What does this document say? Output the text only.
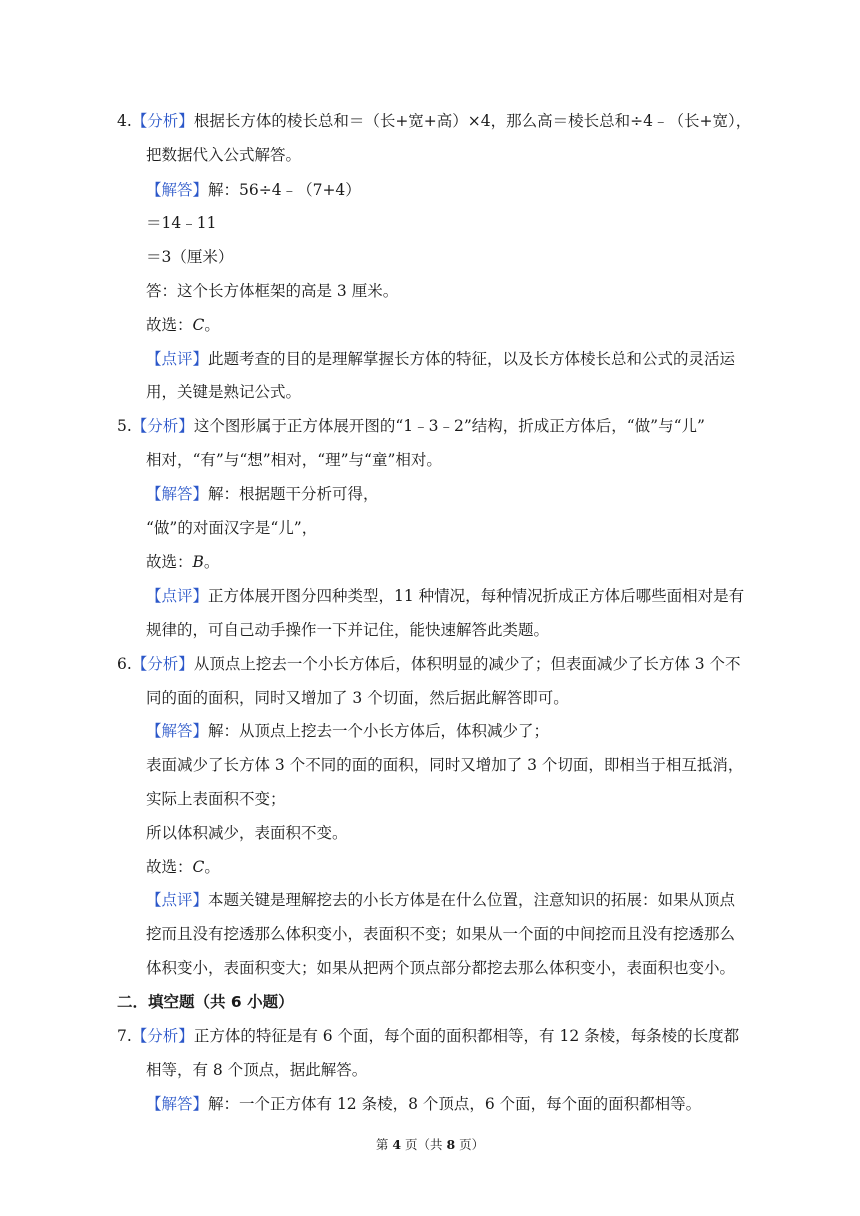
4.【分析】根据长方体的棱长总和＝（长+宽+高）×4，那么高＝棱长总和÷4﹣（长+宽），
把数据代入公式解答。
【解答】解：56÷4﹣（7+4）
＝14﹣11
＝3（厘米）
答：这个长方体框架的高是 3 厘米。
故选：C。
【点评】此题考查的目的是理解掌握长方体的特征，以及长方体棱长总和公式的灵活运
用，关键是熟记公式。
5.【分析】这个图形属于正方体展开图的“1﹣3﹣2”结构，折成正方体后，“做”与“儿”
相对，“有”与“想”相对，“理”与“童”相对。
【解答】解：根据题干分析可得，
“做”的对面汉字是“儿”，
故选：B。
【点评】正方体展开图分四种类型，11 种情况，每种情况折成正方体后哪些面相对是有
规律的，可自己动手操作一下并记住，能快速解答此类题。
6.【分析】从顶点上挖去一个小长方体后，体积明显的减少了；但表面减少了长方体 3 个不
同的面的面积，同时又增加了 3 个切面，然后据此解答即可。
【解答】解：从顶点上挖去一个小长方体后，体积减少了；
表面减少了长方体 3 个不同的面的面积，同时又增加了 3 个切面，即相当于相互抵消，
实际上表面积不变；
所以体积减少，表面积不变。
故选：C。
【点评】本题关键是理解挖去的小长方体是在什么位置，注意知识的拓展：如果从顶点
挖而且没有挖透那么体积变小，表面积不变；如果从一个面的中间挖而且没有挖透那么
体积变小，表面积变大；如果从把两个顶点部分都挖去那么体积变小，表面积也变小。
二．填空题（共 6 小题）
7.【分析】正方体的特征是有 6 个面，每个面的面积都相等，有 12 条棱，每条棱的长度都
相等，有 8 个顶点，据此解答。
【解答】解：一个正方体有 12 条棱，8 个顶点，6 个面，每个面的面积都相等。
第 4 页（共 8 页）
